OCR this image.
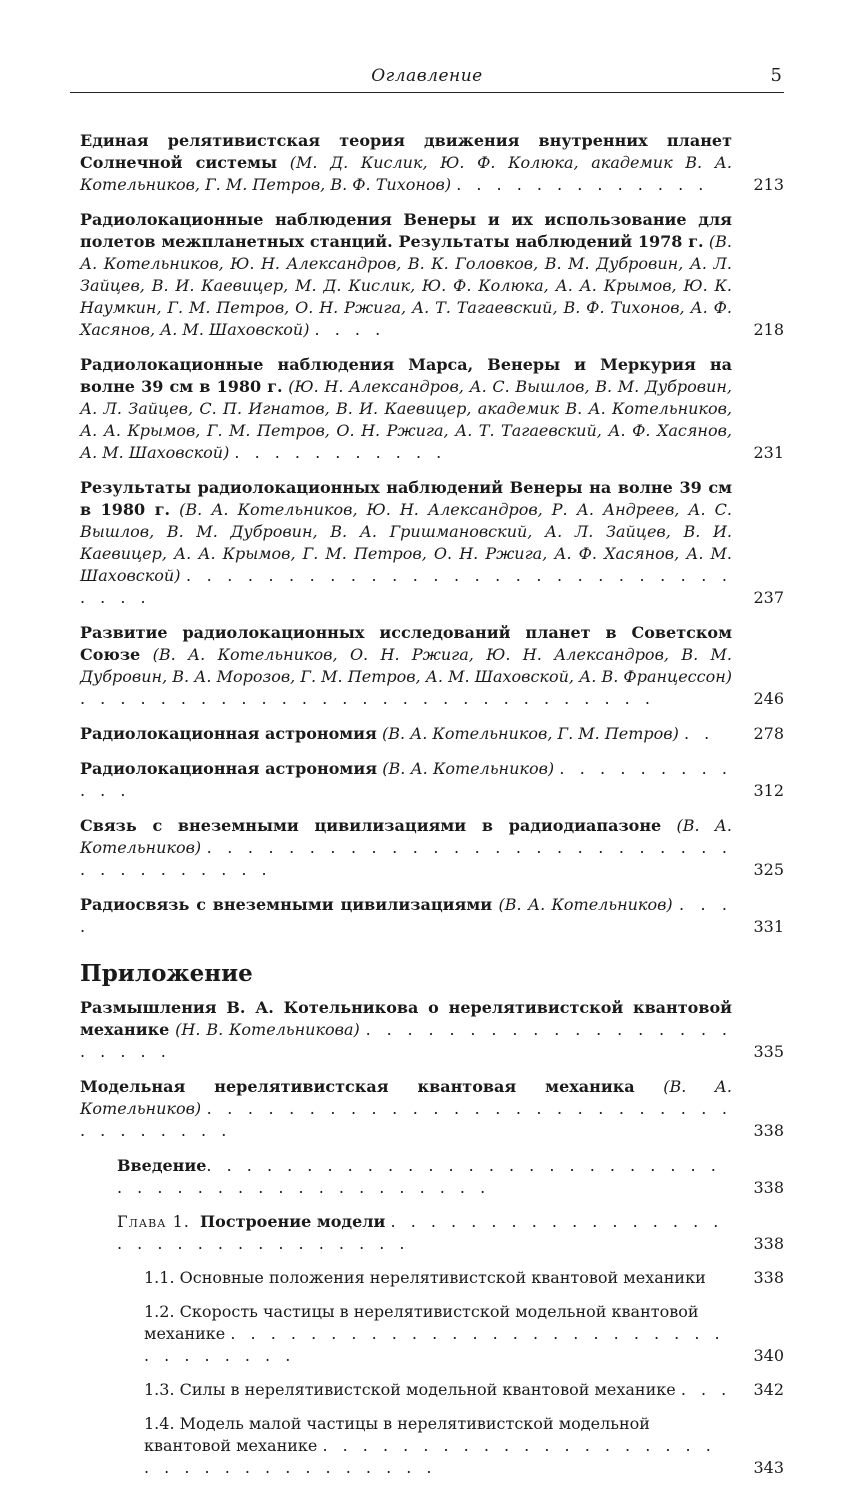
Оглавление	5
Единая релятивистская теория движения внутренних планет Солнечной системы (М. Д. Кислик, Ю. Ф. Колюка, академик В. А. Котельников, Г. М. Петров, В. Ф. Тихонов) . . . . . . . . . . . . .	213
Радиолокационные наблюдения Венеры и их использование для полетов межпланетных станций. Результаты наблюдений 1978 г. (В. А. Котельников, Ю. Н. Александров, В. К. Головков, В. М. Дубровин, А. Л. Зайцев, В. И. Каевицер, М. Д. Кислик, Ю. Ф. Колюка, А. А. Крымов, Ю. К. Наумкин, Г. М. Петров, О. Н. Ржига, А. Т. Тагаевский, В. Ф. Тихонов, А. Ф. Хасянов, А. М. Шаховской) . . . .	218
Радиолокационные наблюдения Марса, Венеры и Меркурия на волне 39 см в 1980 г. (Ю. Н. Александров, А. С. Вышлов, В. М. Дубровин, А. Л. Зайцев, С. П. Игнатов, В. И. Каевицер, академик В. А. Котельников, А. А. Крымов, Г. М. Петров, О. Н. Ржига, А. Т. Тагаевский, А. Ф. Хасянов, А. М. Шаховской) . . . . . . . . . . .	231
Результаты радиолокационных наблюдений Венеры на волне 39 см в 1980 г. (В. А. Котельников, Ю. Н. Александров, Р. А. Андреев, А. С. Вышлов, В. М. Дубровин, В. А. Гришмановский, А. Л. Зайцев, В. И. Каевицер, А. А. Крымов, Г. М. Петров, О. Н. Ржига, А. Ф. Хасянов, А. М. Шаховской) . . . . . . . . . . . . . . . . . . . . . . . . . . . . . . .	237
Развитие радиолокационных исследований планет в Советском Союзе (В. А. Котельников, О. Н. Ржига, Ю. Н. Александров, В. М. Дубровин, В. А. Морозов, Г. М. Петров, А. М. Шаховской, А. В. Францессон) . . . . . . . . . . . . . . . . . . . . . . . . . . . . .	246
Радиолокационная астрономия (В. А. Котельников, Г. М. Петров) . .	278
Радиолокационная астрономия (В. А. Котельников) . . . . . . . . . . . .	312
Связь с внеземными цивилизациями в радиодиапазоне (В. А. Котельников) . . . . . . . . . . . . . . . . . . . . . . . . . . . . . . . . . . . .	325
Радиосвязь с внеземными цивилизациями (В. А. Котельников) . . . .	331
Приложение
Размышления В. А. Котельникова о нерелятивистской квантовой механике (Н. В. Котельникова) . . . . . . . . . . . . . . . . . . . . . . .	335
Модельная нерелятивистская квантовая механика (В. А. Котельников) . . . . . . . . . . . . . . . . . . . . . . . . . . . . . . . . . .	338
Введение. . . . . . . . . . . . . . . . . . . . . . . . . . . . . . . . . . . . . . . . . . . . .	338
Глава 1. Построение модели . . . . . . . . . . . . . . . . . . . . . . . . . . . . . . . .	338
1.1. Основные положения нерелятивистской квантовой механики	338
1.2. Скорость частицы в нерелятивистской модельной квантовой механике . . . . . . . . . . . . . . . . . . . . . . . . . . . . . . . . .	340
1.3. Силы в нерелятивистской модельной квантовой механике . . .	342
1.4. Модель малой частицы в нерелятивистской модельной квантовой механике . . . . . . . . . . . . . . . . . . . . . . . . . . . . . . . . . . .	343
